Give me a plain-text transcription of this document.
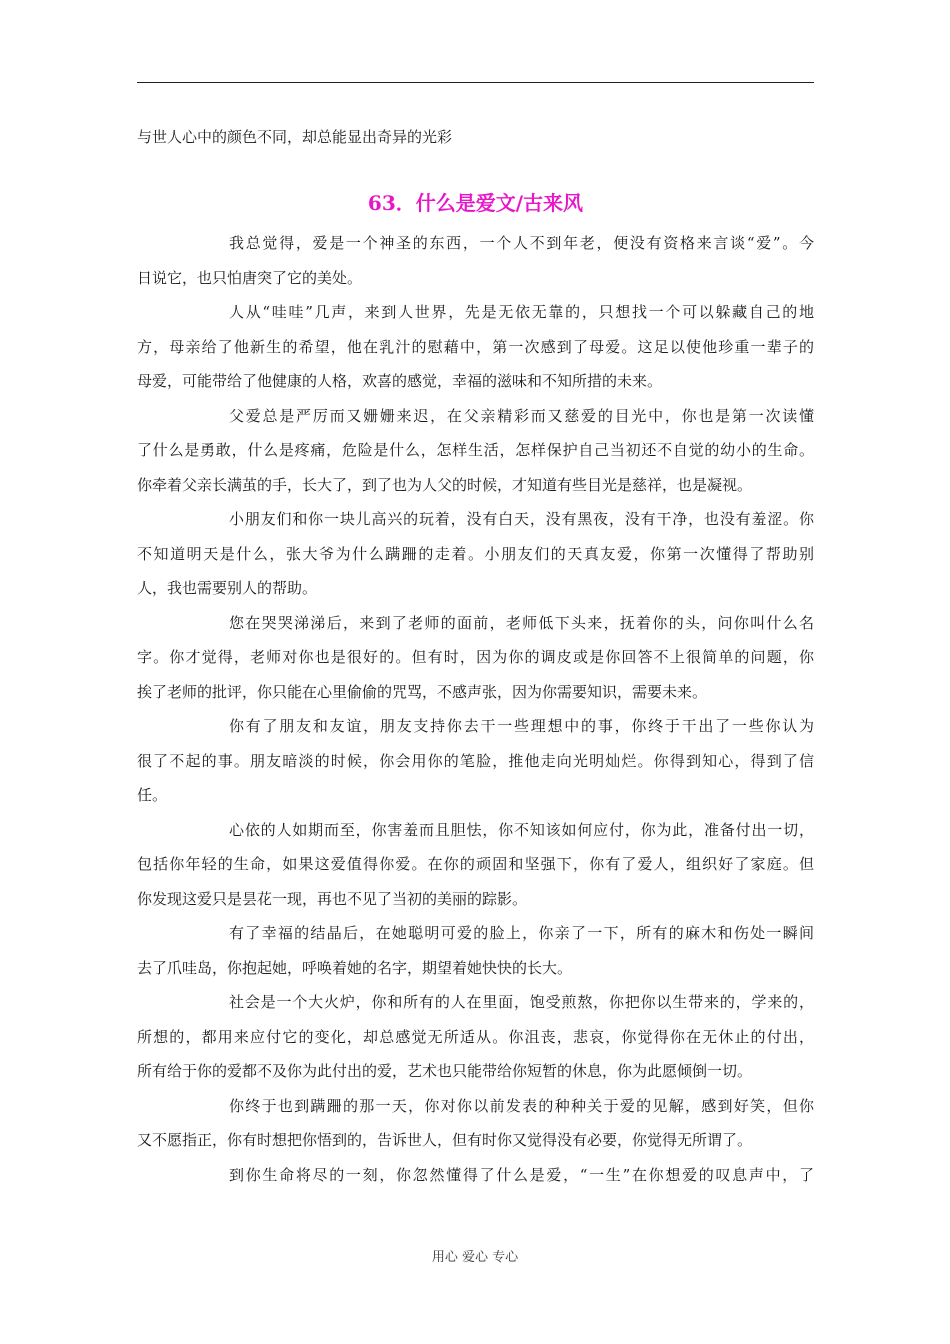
与世人心中的颜色不同，却总能显出奇异的光彩
63．什么是爱文/古来风
我总觉得，爱是一个神圣的东西，一个人不到年老，便没有资格来言谈“爱”。今
日说它，也只怕唐突了它的美处。
人从“哇哇”几声，来到人世界，先是无依无靠的，只想找一个可以躲藏自己的地
方，母亲给了他新生的希望，他在乳汁的慰藉中，第一次感到了母爱。这足以使他珍重一辈子的
母爱，可能带给了他健康的人格，欢喜的感觉，幸福的滋味和不知所措的未来。
父爱总是严厉而又姗姗来迟，在父亲精彩而又慈爱的目光中，你也是第一次读懂
了什么是勇敢，什么是疼痛，危险是什么，怎样生活，怎样保护自己当初还不自觉的幼小的生命。
你牵着父亲长满茧的手，长大了，到了也为人父的时候，才知道有些目光是慈祥，也是凝视。
小朋友们和你一块儿高兴的玩着，没有白天，没有黑夜，没有干净，也没有羞涩。你
不知道明天是什么，张大爷为什么蹒跚的走着。小朋友们的天真友爱，你第一次懂得了帮助别
人，我也需要别人的帮助。
您在哭哭涕涕后，来到了老师的面前，老师低下头来，抚着你的头，问你叫什么名
字。你才觉得，老师对你也是很好的。但有时，因为你的调皮或是你回答不上很简单的问题，你
挨了老师的批评，你只能在心里偷偷的咒骂，不感声张，因为你需要知识，需要未来。
你有了朋友和友谊，朋友支持你去干一些理想中的事，你终于干出了一些你认为
很了不起的事。朋友暗淡的时候，你会用你的笔脸，推他走向光明灿烂。你得到知心，得到了信
任。
心依的人如期而至，你害羞而且胆怯，你不知该如何应付，你为此，准备付出一切，
包括你年轻的生命，如果这爱值得你爱。在你的顽固和坚强下，你有了爱人，组织好了家庭。但
你发现这爱只是昙花一现，再也不见了当初的美丽的踪影。
有了幸福的结晶后，在她聪明可爱的脸上，你亲了一下，所有的麻木和伤处一瞬间
去了爪哇岛，你抱起她，呼唤着她的名字，期望着她快快的长大。
社会是一个大火炉，你和所有的人在里面，饱受煎熬，你把你以生带来的，学来的，
所想的，都用来应付它的变化，却总感觉无所适从。你沮丧，悲哀，你觉得你在无休止的付出，
所有给于你的爱都不及你为此付出的爱，艺术也只能带给你短暂的休息，你为此愿倾倒一切。
你终于也到蹒跚的那一天，你对你以前发表的种种关于爱的见解，感到好笑，但你
又不愿指正，你有时想把你悟到的，告诉世人，但有时你又觉得没有必要，你觉得无所谓了。
到你生命将尽的一刻，你忽然懂得了什么是爱，“一生”在你想爱的叹息声中，了
用心 爱心 专心
